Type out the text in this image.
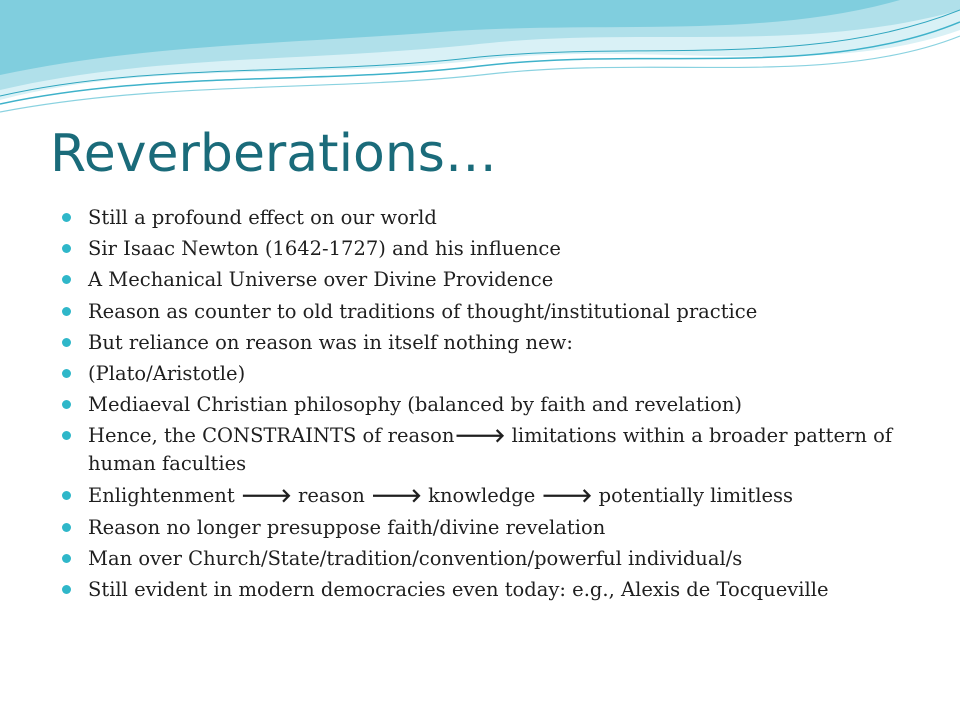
Reverberations…
Still a profound effect on our world
Sir Isaac Newton (1642-1727) and his influence
A Mechanical Universe over Divine Providence
Reason as counter to old traditions of thought/institutional practice
But reliance on reason was in itself nothing new:
(Plato/Aristotle)
Mediaeval Christian philosophy (balanced by faith and revelation)
Hence, the CONSTRAINTS of reason🡒 limitations within a broader pattern of human faculties
Enlightenment 🡒 reason 🡒 knowledge 🡒 potentially limitless
Reason no longer presuppose faith/divine revelation
Man over Church/State/tradition/convention/powerful individual/s
Still evident in modern democracies even today: e.g., Alexis de Tocqueville
